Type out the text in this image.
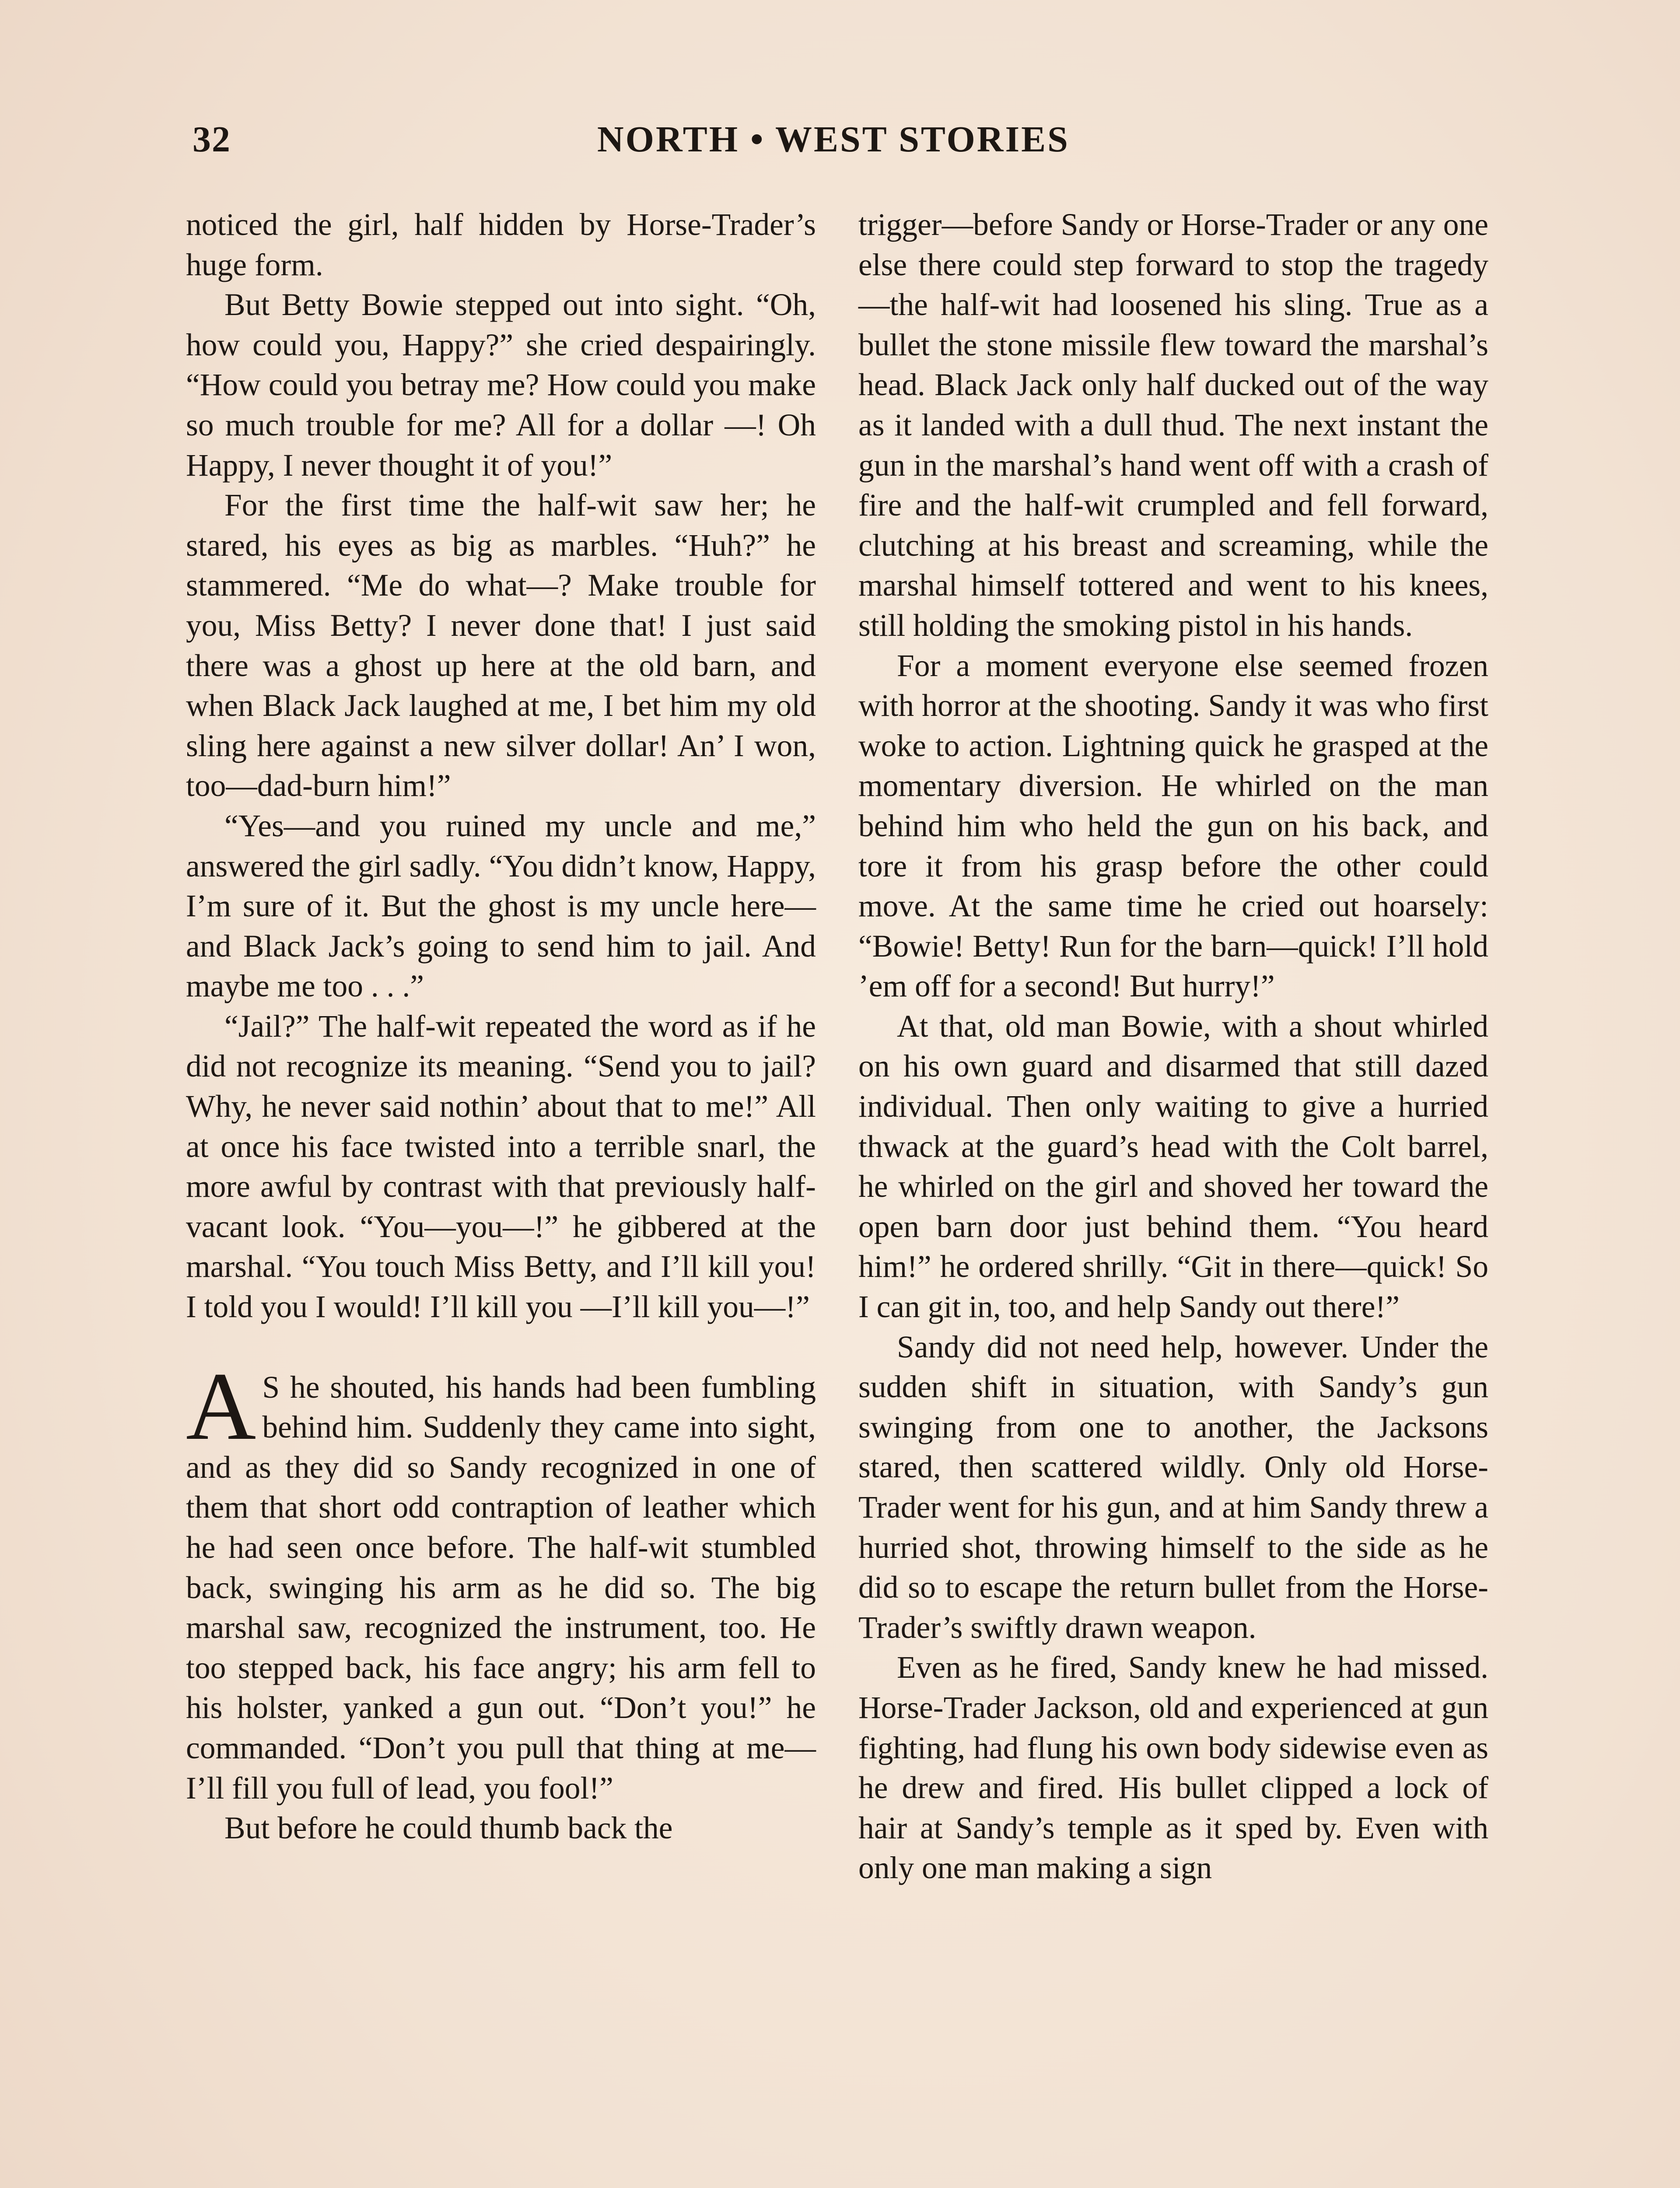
32	NORTH • WEST STORIES

noticed the girl, half hidden by Horse-Trader’s huge form.

But Betty Bowie stepped out into sight. “Oh, how could you, Happy?” she cried despairingly. “How could you betray me? How could you make so much trouble for me? All for a dollar —! Oh Happy, I never thought it of you!”

For the first time the half-wit saw her; he stared, his eyes as big as marbles. “Huh?” he stammered. “Me do what—? Make trouble for you, Miss Betty? I never done that! I just said there was a ghost up here at the old barn, and when Black Jack laughed at me, I bet him my old sling here against a new silver dollar! An’ I won, too—dad-burn him!”

“Yes—and you ruined my uncle and me,” answered the girl sadly. “You didn’t know, Happy, I’m sure of it. But the ghost is my uncle here—and Black Jack’s going to send him to jail. And maybe me too . . .”

“Jail?” The half-wit repeated the word as if he did not recognize its meaning. “Send you to jail? Why, he never said nothin’ about that to me!” All at once his face twisted into a terrible snarl, the more awful by contrast with that previously half-vacant look. “You—you—!” he gibbered at the marshal. “You touch Miss Betty, and I’ll kill you! I told you I would! I’ll kill you —I’ll kill you—!”

A S he shouted, his hands had been fumbling behind him. Suddenly they came into sight, and as they did so Sandy recognized in one of them that short odd contraption of leather which he had seen once before. The half-wit stumbled back, swinging his arm as he did so. The big marshal saw, recognized the instrument, too. He too stepped back, his face angry; his arm fell to his holster, yanked a gun out. “Don’t you!” he commanded. “Don’t you pull that thing at me—I’ll fill you full of lead, you fool!”

But before he could thumb back the

trigger—before Sandy or Horse-Trader or any one else there could step forward to stop the tragedy—the half-wit had loosened his sling. True as a bullet the stone missile flew toward the marshal’s head. Black Jack only half ducked out of the way as it landed with a dull thud. The next instant the gun in the marshal’s hand went off with a crash of fire and the half-wit crumpled and fell forward, clutching at his breast and screaming, while the marshal himself tottered and went to his knees, still holding the smoking pistol in his hands.

For a moment everyone else seemed frozen with horror at the shooting. Sandy it was who first woke to action. Lightning quick he grasped at the momentary diversion. He whirled on the man behind him who held the gun on his back, and tore it from his grasp before the other could move. At the same time he cried out hoarsely: “Bowie! Betty! Run for the barn—quick! I’ll hold ’em off for a second! But hurry!”

At that, old man Bowie, with a shout whirled on his own guard and disarmed that still dazed individual. Then only waiting to give a hurried thwack at the guard’s head with the Colt barrel, he whirled on the girl and shoved her toward the open barn door just behind them. “You heard him!” he ordered shrilly. “Git in there—quick! So I can git in, too, and help Sandy out there!”

Sandy did not need help, however. Under the sudden shift in situation, with Sandy’s gun swinging from one to another, the Jacksons stared, then scattered wildly. Only old Horse-Trader went for his gun, and at him Sandy threw a hurried shot, throwing himself to the side as he did so to escape the return bullet from the Horse-Trader’s swiftly drawn weapon.

Even as he fired, Sandy knew he had missed. Horse-Trader Jackson, old and experienced at gun fighting, had flung his own body sidewise even as he drew and fired. His bullet clipped a lock of hair at Sandy’s temple as it sped by. Even with only one man making a sign
